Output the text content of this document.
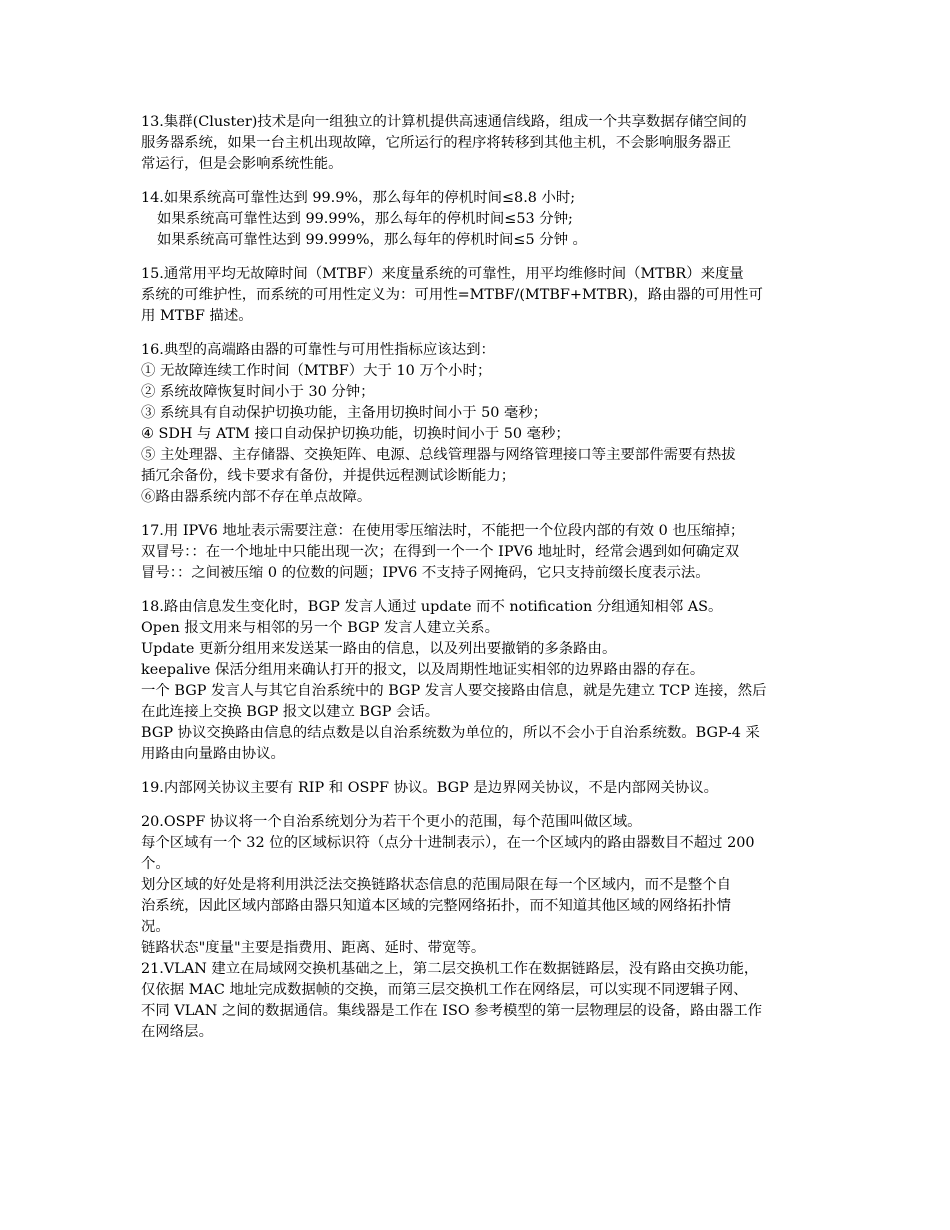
13.集群(Cluster)技术是向一组独立的计算机提供高速通信线路，组成一个共享数据存储空间的
服务器系统，如果一台主机出现故障，它所运行的程序将转移到其他主机，不会影响服务器正
常运行，但是会影响系统性能。
14.如果系统高可靠性达到 99.9%，那么每年的停机时间≤8.8 小时;
如果系统高可靠性达到 99.99%，那么每年的停机时间≤53 分钟;
如果系统高可靠性达到 99.999%，那么每年的停机时间≤5 分钟 。
15.通常用平均无故障时间（MTBF）来度量系统的可靠性，用平均维修时间（MTBR）来度量
系统的可维护性，而系统的可用性定义为：可用性=MTBF/(MTBF+MTBR)，路由器的可用性可
用 MTBF 描述。
16.典型的高端路由器的可靠性与可用性指标应该达到：
① 无故障连续工作时间（MTBF）大于 10 万个小时；
② 系统故障恢复时间小于 30 分钟；
③ 系统具有自动保护切换功能，主备用切换时间小于 50 毫秒；
④ SDH 与 ATM 接口自动保护切换功能，切换时间小于 50 毫秒；
⑤ 主处理器、主存储器、交换矩阵、电源、总线管理器与网络管理接口等主要部件需要有热拔
插冗余备份，线卡要求有备份，并提供远程测试诊断能力；
⑥路由器系统内部不存在单点故障。
17.用 IPV6 地址表示需要注意：在使用零压缩法时，不能把一个位段内部的有效 0 也压缩掉；
双冒号：：在一个地址中只能出现一次；在得到一个一个 IPV6 地址时，经常会遇到如何确定双
冒号：：之间被压缩 0 的位数的问题；IPV6 不支持子网掩码，它只支持前缀长度表示法。
18.路由信息发生变化时，BGP 发言人通过 update 而不 notification 分组通知相邻 AS。
Open 报文用来与相邻的另一个 BGP 发言人建立关系。
Update 更新分组用来发送某一路由的信息，以及列出要撤销的多条路由。
keepalive 保活分组用来确认打开的报文，以及周期性地证实相邻的边界路由器的存在。
一个 BGP 发言人与其它自治系统中的 BGP 发言人要交接路由信息，就是先建立 TCP 连接，然后
在此连接上交换 BGP 报文以建立 BGP 会话。
BGP 协议交换路由信息的结点数是以自治系统数为单位的，所以不会小于自治系统数。BGP-4 采
用路由向量路由协议。
19.内部网关协议主要有 RIP 和 OSPF 协议。BGP 是边界网关协议，不是内部网关协议。
20.OSPF 协议将一个自治系统划分为若干个更小的范围，每个范围叫做区域。
每个区域有一个 32 位的区域标识符（点分十进制表示），在一个区域内的路由器数目不超过 200
个。
划分区域的好处是将利用洪泛法交换链路状态信息的范围局限在每一个区域内，而不是整个自
治系统，因此区域内部路由器只知道本区域的完整网络拓扑，而不知道其他区域的网络拓扑情
况。
链路状态"度量"主要是指费用、距离、延时、带宽等。
21.VLAN 建立在局域网交换机基础之上，第二层交换机工作在数据链路层，没有路由交换功能，
仅依据 MAC 地址完成数据帧的交换，而第三层交换机工作在网络层，可以实现不同逻辑子网、
不同 VLAN 之间的数据通信。集线器是工作在 ISO 参考模型的第一层物理层的设备，路由器工作
在网络层。
